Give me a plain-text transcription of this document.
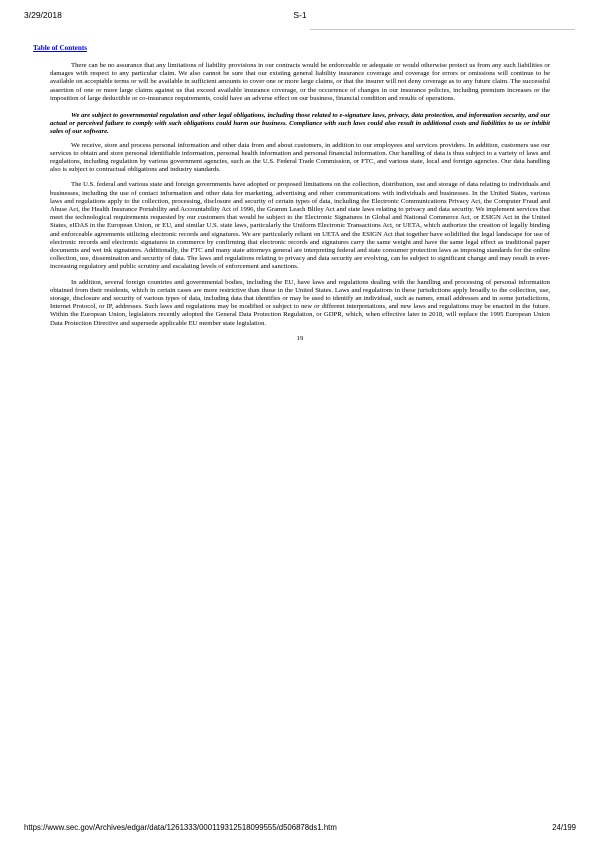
3/29/2018	S-1
Table of Contents

There can be no assurance that any limitations of liability provisions in our contracts would be enforceable or adequate or would otherwise protect us from any such liabilities or damages with respect to any particular claim. We also cannot be sure that our existing general liability insurance coverage and coverage for errors or omissions will continue to be available on acceptable terms or will be available in sufficient amounts to cover one or more large claims, or that the insurer will not deny coverage as to any future claim. The successful assertion of one or more large claims against us that exceed available insurance coverage, or the occurrence of changes in our insurance policies, including premium increases or the imposition of large deductible or co-insurance requirements, could have an adverse effect on our business, financial condition and results of operations.

We are subject to governmental regulation and other legal obligations, including those related to e-signature laws, privacy, data protection, and information security, and our actual or perceived failure to comply with such obligations could harm our business. Compliance with such laws could also result in additional costs and liabilities to us or inhibit sales of our software.

We receive, store and process personal information and other data from and about customers, in addition to our employees and services providers. In addition, customers use our services to obtain and store personal identifiable information, personal health information and personal financial information. Our handling of data is thus subject to a variety of laws and regulations, including regulation by various government agencies, such as the U.S. Federal Trade Commission, or FTC, and various state, local and foreign agencies. Our data handling also is subject to contractual obligations and industry standards.

The U.S. federal and various state and foreign governments have adopted or proposed limitations on the collection, distribution, use and storage of data relating to individuals and businesses, including the use of contact information and other data for marketing, advertising and other communications with individuals and businesses. In the United States, various laws and regulations apply to the collection, processing, disclosure and security of certain types of data, including the Electronic Communications Privacy Act, the Computer Fraud and Abuse Act, the Health Insurance Portability and Accountability Act of 1996, the Gramm Leach Bliley Act and state laws relating to privacy and data security. We implement services that meet the technological requirements requested by our customers that would be subject to the Electronic Signatures in Global and National Commerce Act, or ESIGN Act in the United States, eIDAS in the European Union, or EU, and similar U.S. state laws, particularly the Uniform Electronic Transactions Act, or UETA, which authorize the creation of legally binding and enforceable agreements utilizing electronic records and signatures. We are particularly reliant on UETA and the ESIGN Act that together have solidified the legal landscape for use of electronic records and electronic signatures in commerce by confirming that electronic records and signatures carry the same weight and have the same legal effect as traditional paper documents and wet ink signatures. Additionally, the FTC and many state attorneys general are interpreting federal and state consumer protection laws as imposing standards for the online collection, use, dissemination and security of data. The laws and regulations relating to privacy and data security are evolving, can be subject to significant change and may result in ever-increasing regulatory and public scrutiny and escalating levels of enforcement and sanctions.

In addition, several foreign countries and governmental bodies, including the EU, have laws and regulations dealing with the handling and processing of personal information obtained from their residents, which in certain cases are more restrictive than those in the United States. Laws and regulations in these jurisdictions apply broadly to the collection, use, storage, disclosure and security of various types of data, including data that identifies or may be used to identify an individual, such as names, email addresses and in some jurisdictions, Internet Protocol, or IP, addresses. Such laws and regulations may be modified or subject to new or different interpretations, and new laws and regulations may be enacted in the future. Within the European Union, legislators recently adopted the General Data Protection Regulation, or GDPR, which, when effective later in 2018, will replace the 1995 European Union Data Protection Directive and supersede applicable EU member state legislation.

19
https://www.sec.gov/Archives/edgar/data/1261333/000119312518099555/d506878ds1.htm	24/199
